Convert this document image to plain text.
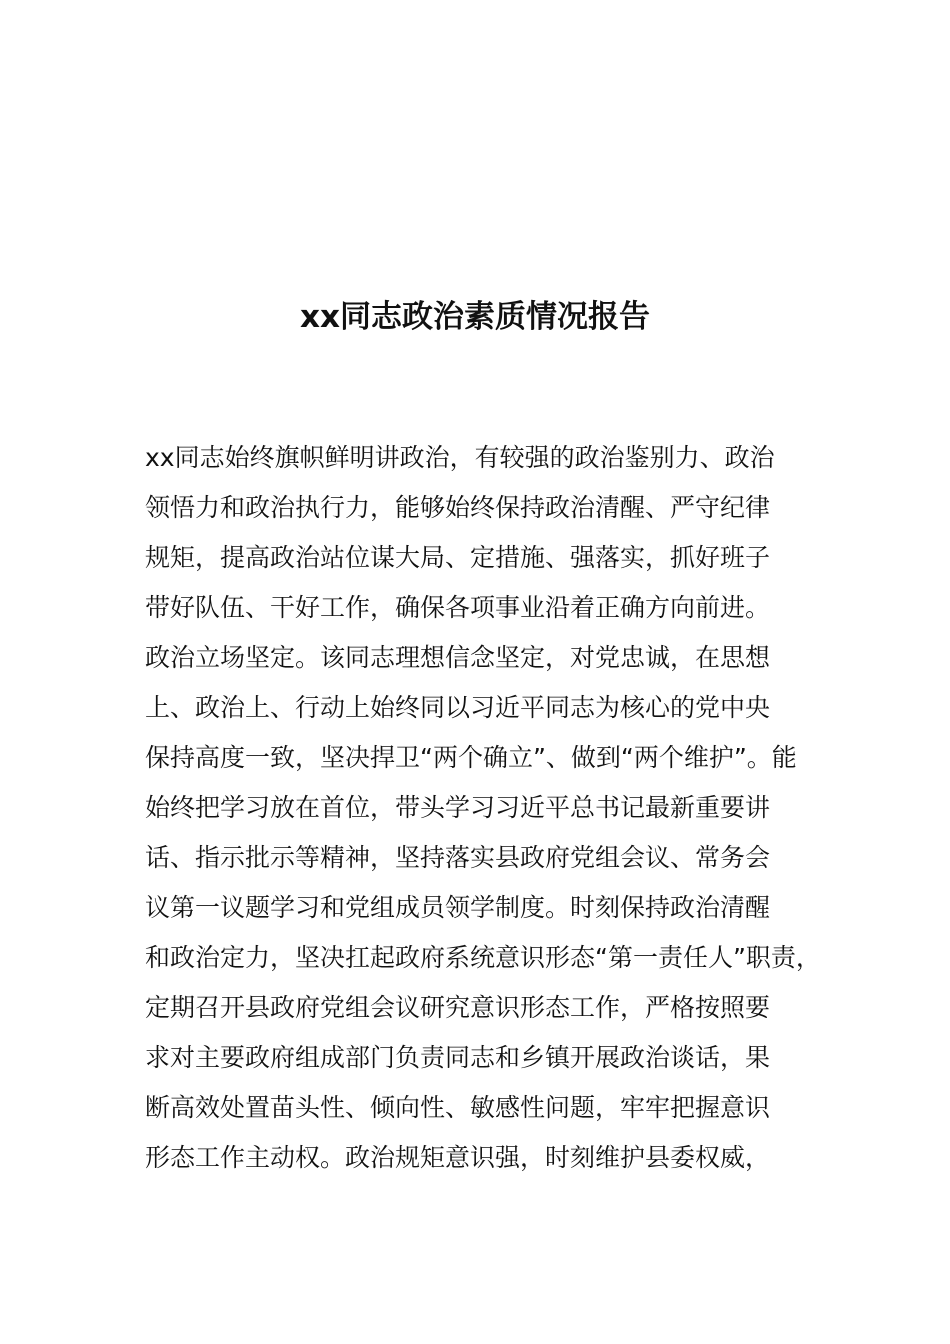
xx同志政治素质情况报告
xx同志始终旗帜鲜明讲政治，有较强的政治鉴别力、政治
领悟力和政治执行力，能够始终保持政治清醒、严守纪律
规矩，提高政治站位谋大局、定措施、强落实，抓好班子
带好队伍、干好工作，确保各项事业沿着正确方向前进。
政治立场坚定。该同志理想信念坚定，对党忠诚，在思想
上、政治上、行动上始终同以习近平同志为核心的党中央
保持高度一致，坚决捍卫“两个确立”、做到“两个维护”。能
始终把学习放在首位，带头学习习近平总书记最新重要讲
话、指示批示等精神，坚持落实县政府党组会议、常务会
议第一议题学习和党组成员领学制度。时刻保持政治清醒
和政治定力，坚决扛起政府系统意识形态“第一责任人”职责，
定期召开县政府党组会议研究意识形态工作，严格按照要
求对主要政府组成部门负责同志和乡镇开展政治谈话，果
断高效处置苗头性、倾向性、敏感性问题，牢牢把握意识
形态工作主动权。政治规矩意识强，时刻维护县委权威，
